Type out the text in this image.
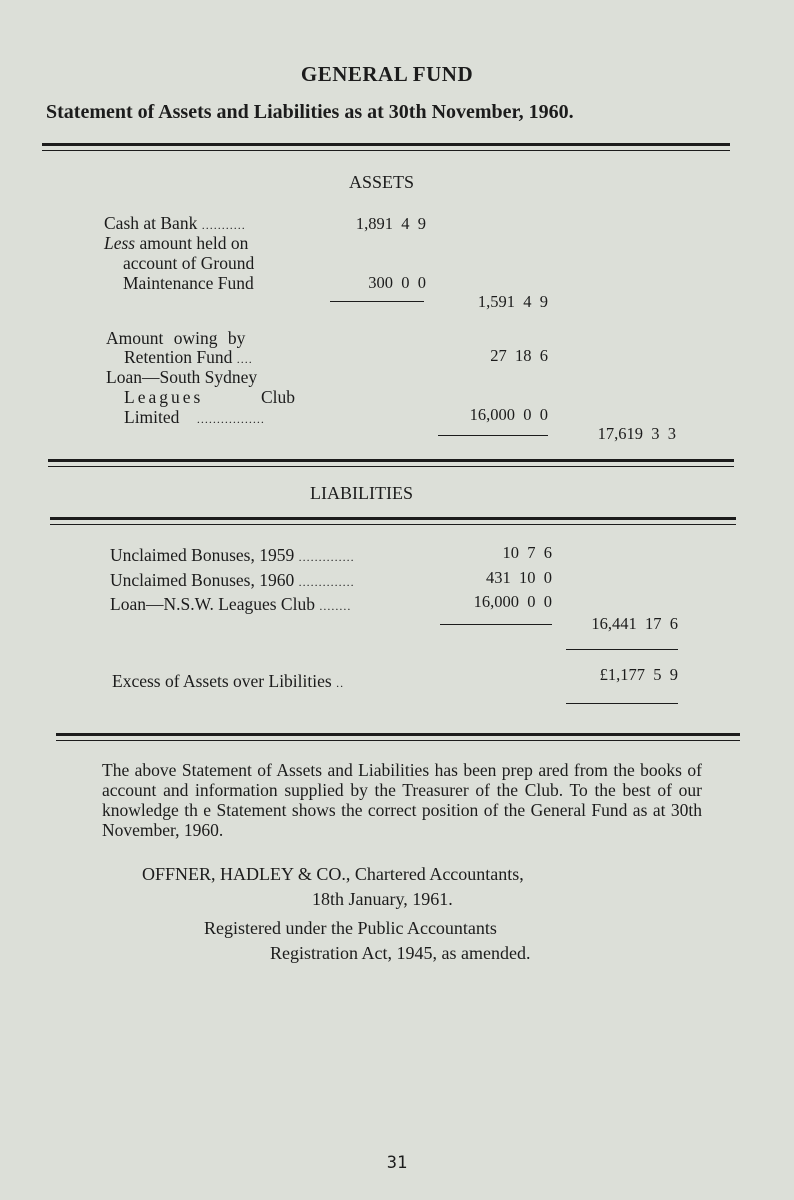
GENERAL FUND
Statement of Assets and Liabilities as at 30th November, 1960.
ASSETS
Cash at Bank ...........	1,891 4 9
Less amount held on
account of Ground
Maintenance Fund	300 0 0
1,591 4 9
Amount owing by
Retention Fund ....	27 18 6
Loan—South Sydney
Leagues	Club
Limited .................	16,000 0 0
17,619 3 3
LIABILITIES
Unclaimed Bonuses, 1959 ..............	10 7 6
Unclaimed Bonuses, 1960 ..............	431 10 0
Loan—N.S.W. Leagues Club ........	16,000 0 0
16,441 17 6
Excess of Assets over Libilities ..	£1,177 5 9
The above Statement of Assets and Liabilities has been prep ared from the books of account and information supplied by the Treasurer of the Club. To the best of our knowledge th e Statement shows the correct position of the General Fund as at 30th November, 1960.
OFFNER, HADLEY & CO., Chartered Accountants,
18th January, 1961.
Registered under the Public Accountants
Registration Act, 1945, as amended.
31
